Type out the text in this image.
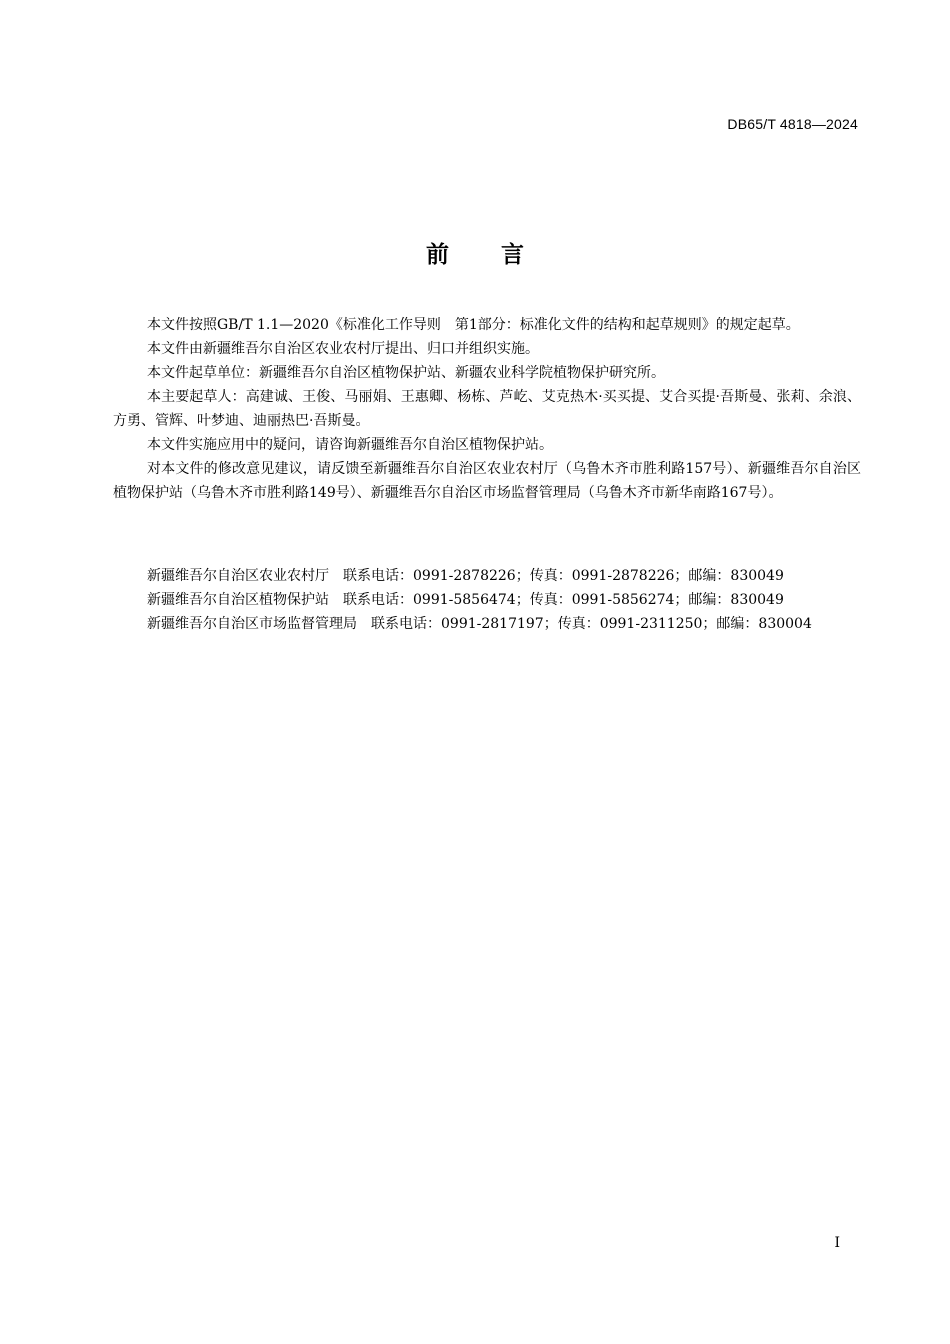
DB65/T 4818—2024
前言

本文件按照GB/T 1.1—2020《标准化工作导则　第1部分：标准化文件的结构和起草规则》的规定起草。

本文件由新疆维吾尔自治区农业农村厅提出、归口并组织实施。

本文件起草单位：新疆维吾尔自治区植物保护站、新疆农业科学院植物保护研究所。

本主要起草人：高建诚、王俊、马丽娟、王惠卿、杨栋、芦屹、艾克热木·买买提、艾合买提·吾斯曼、张莉、余浪、方勇、管辉、叶梦迪、迪丽热巴·吾斯曼。

本文件实施应用中的疑问，请咨询新疆维吾尔自治区植物保护站。

对本文件的修改意见建议，请反馈至新疆维吾尔自治区农业农村厅（乌鲁木齐市胜利路157号）、新疆维吾尔自治区植物保护站（乌鲁木齐市胜利路149号）、新疆维吾尔自治区市场监督管理局（乌鲁木齐市新华南路167号）。

新疆维吾尔自治区农业农村厅 联系电话：0991-2878226；传真：0991-2878226；邮编：830049
新疆维吾尔自治区植物保护站 联系电话：0991-5856474；传真：0991-5856274；邮编：830049
新疆维吾尔自治区市场监督管理局 联系电话：0991-2817197；传真：0991-2311250；邮编：830004
I
